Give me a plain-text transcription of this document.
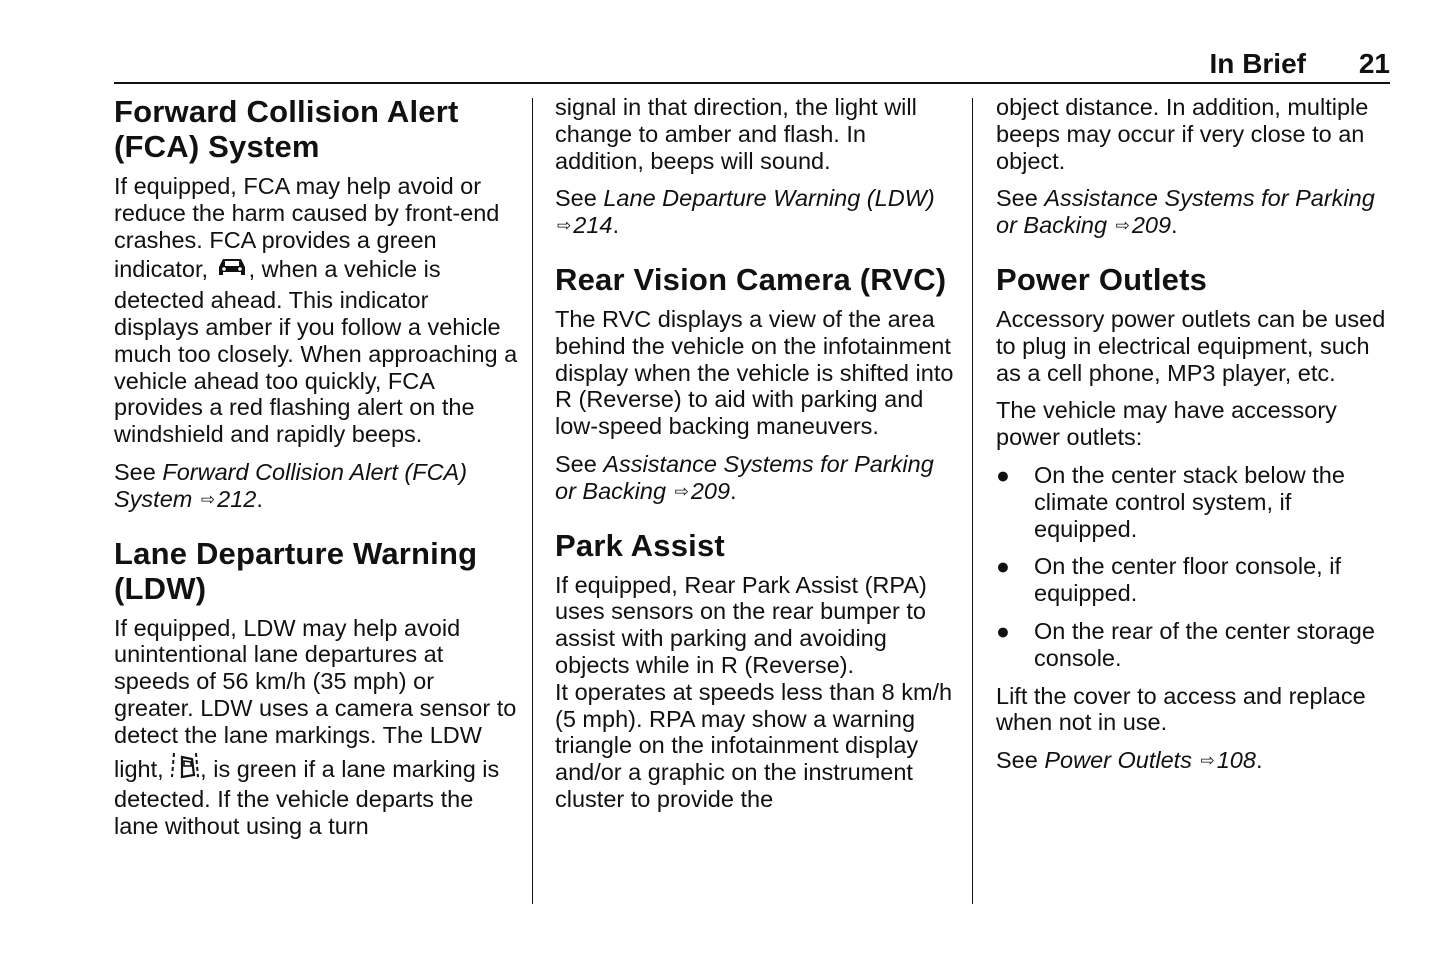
In Brief 21
Forward Collision Alert (FCA) System

If equipped, FCA may help avoid or reduce the harm caused by front-end crashes. FCA provides a green indicator, , when a vehicle is detected ahead. This indicator displays amber if you follow a vehicle much too closely. When approaching a vehicle ahead too quickly, FCA provides a red flashing alert on the windshield and rapidly beeps.

See Forward Collision Alert (FCA) System ⇨212.

Lane Departure Warning (LDW)

If equipped, LDW may help avoid unintentional lane departures at speeds of 56 km/h (35 mph) or greater. LDW uses a camera sensor to detect the lane markings. The LDW light, , is green if a lane marking is detected. If the vehicle departs the lane without using a turn

signal in that direction, the light will change to amber and flash. In addition, beeps will sound.

See Lane Departure Warning (LDW)
⇨214.

Rear Vision Camera (RVC)

The RVC displays a view of the area behind the vehicle on the infotainment display when the vehicle is shifted into R (Reverse) to aid with parking and low-speed backing maneuvers.

See Assistance Systems for Parking or Backing ⇨209.

Park Assist

If equipped, Rear Park Assist (RPA) uses sensors on the rear bumper to assist with parking and avoiding objects while in R (Reverse).

It operates at speeds less than 8 km/h (5 mph). RPA may show a warning triangle on the infotainment display and/or a graphic on the instrument cluster to provide the

object distance. In addition, multiple beeps may occur if very close to an object.

See Assistance Systems for Parking or Backing ⇨209.

Power Outlets

Accessory power outlets can be used to plug in electrical equipment, such as a cell phone, MP3 player, etc.

The vehicle may have accessory power outlets:

● On the center stack below the climate control system, if equipped.
● On the center floor console, if equipped.
● On the rear of the center storage console.

Lift the cover to access and replace when not in use.

See Power Outlets ⇨108.
